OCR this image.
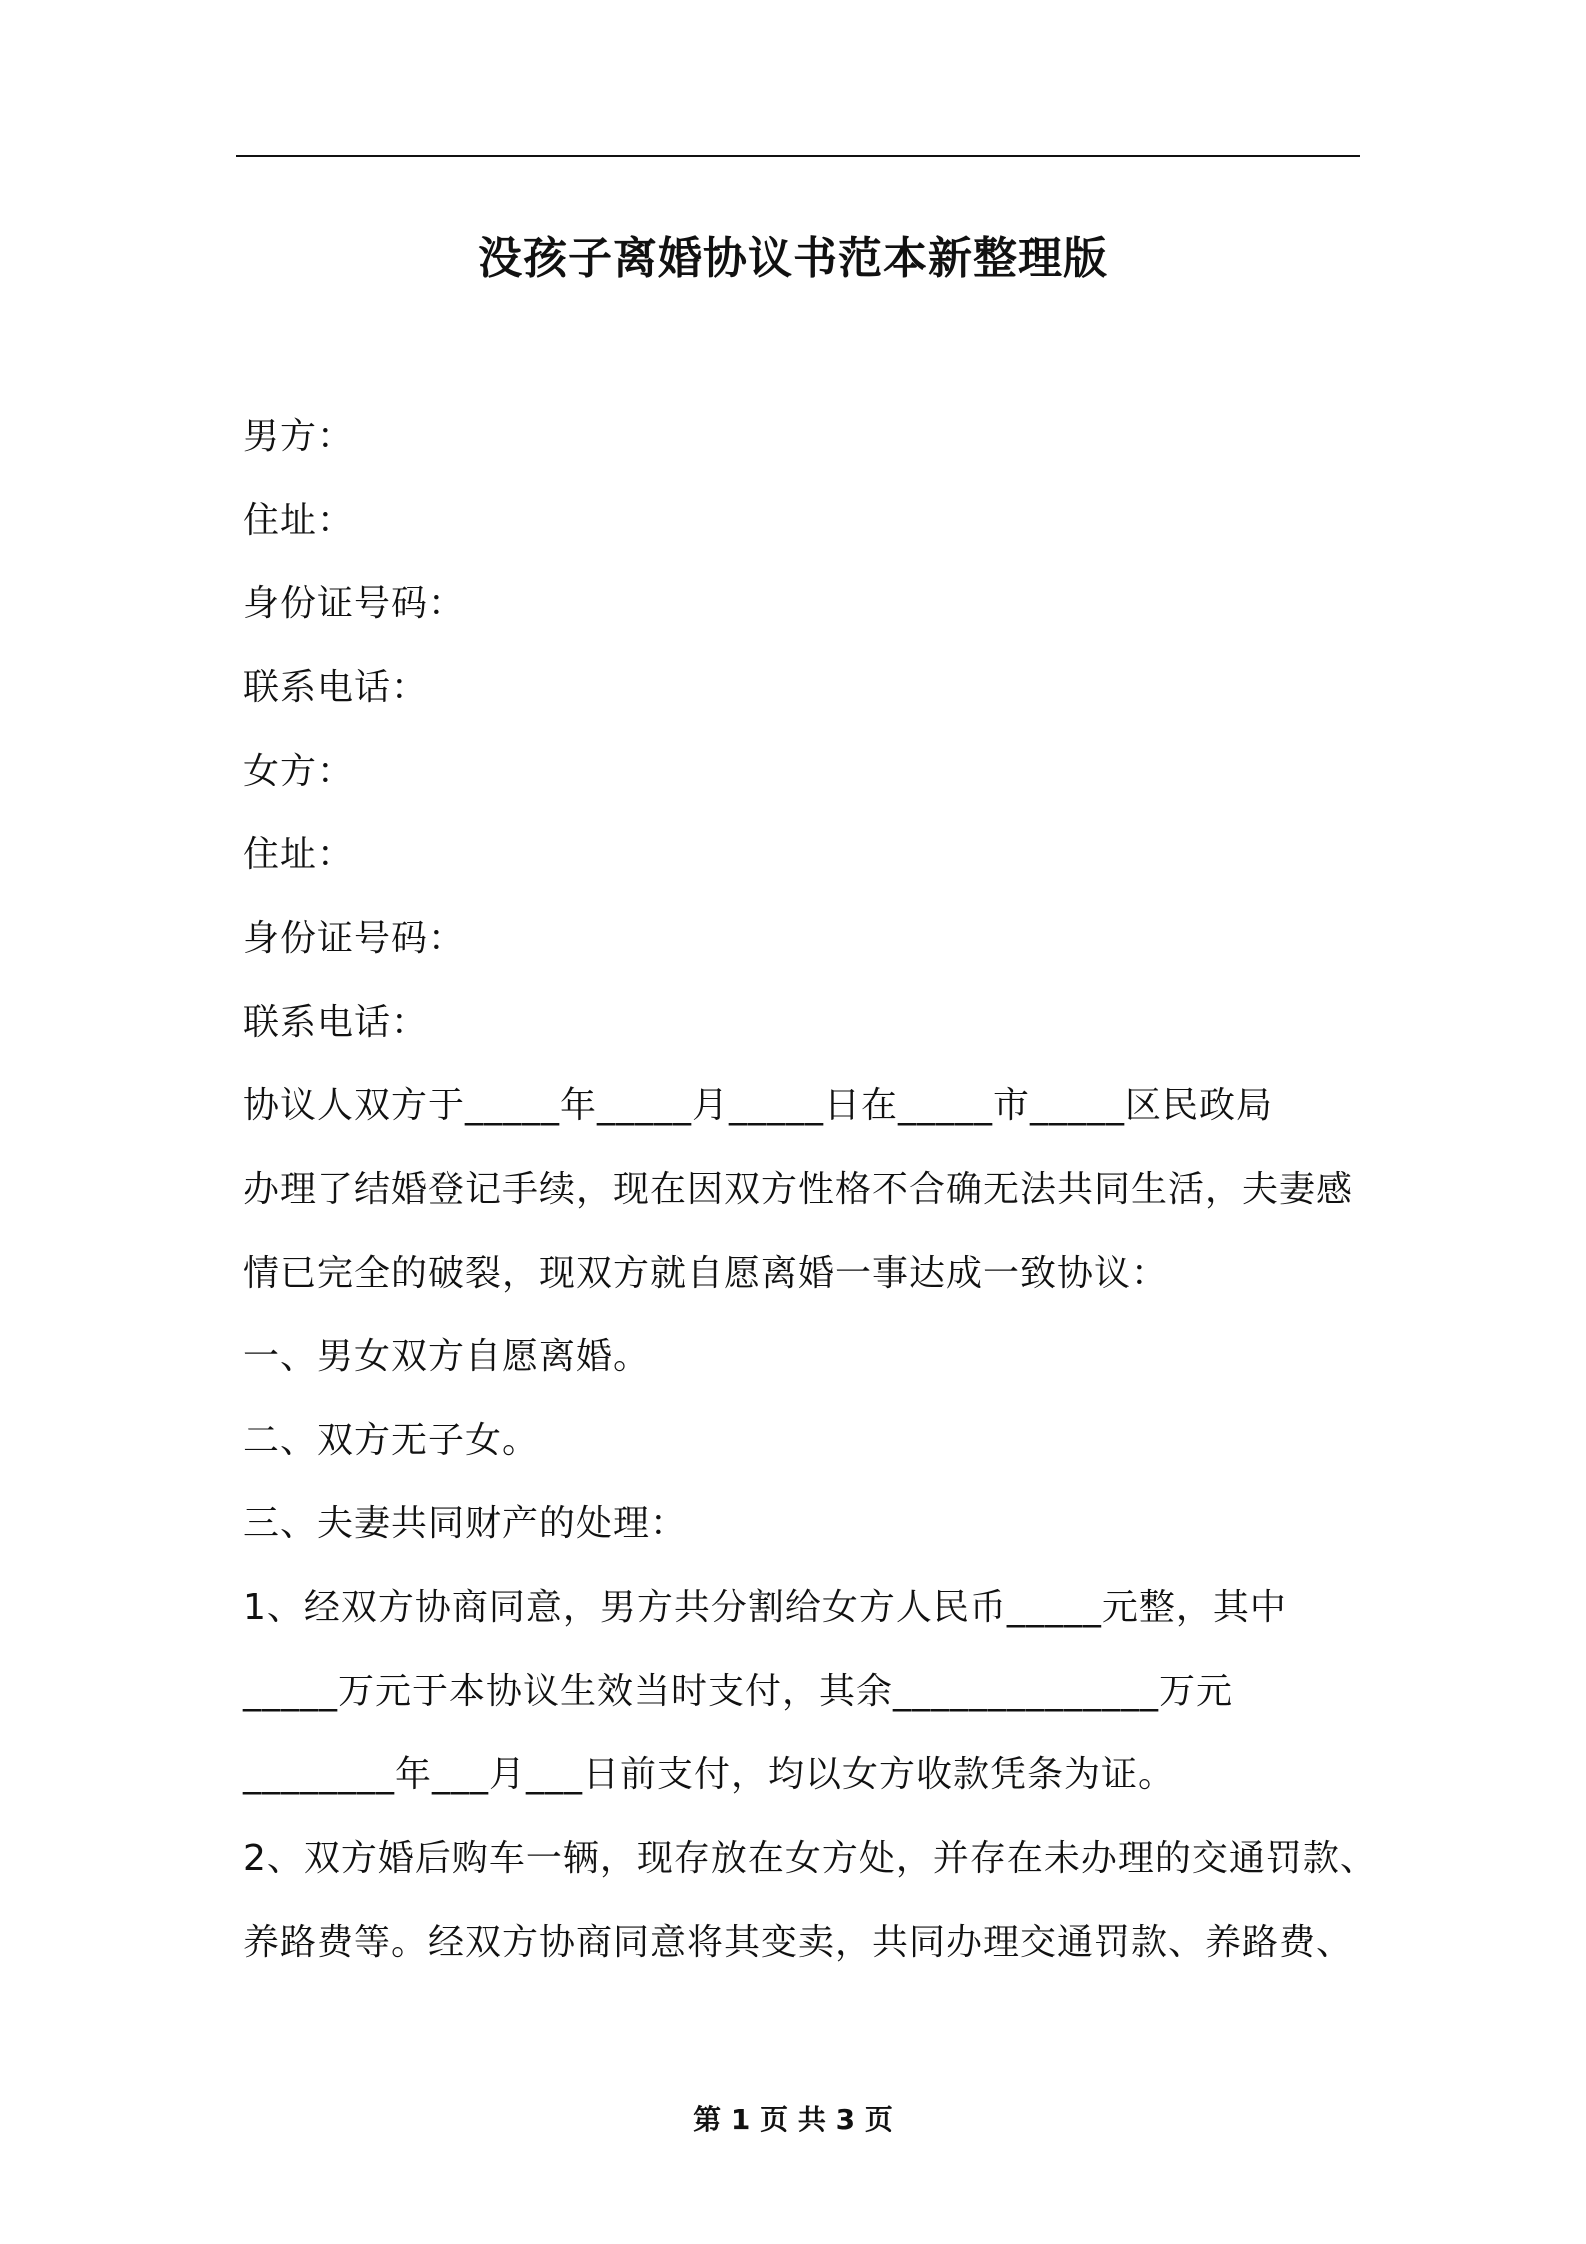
没孩子离婚协议书范本新整理版
男方：
住址：
身份证号码：
联系电话：
女方：
住址：
身份证号码：
联系电话：
协议人双方于_____年_____月_____日在_____市_____区民政局
办理了结婚登记手续，现在因双方性格不合确无法共同生活，夫妻感
情已完全的破裂，现双方就自愿离婚一事达成一致协议：
一、男女双方自愿离婚。
二、双方无子女。
三、夫妻共同财产的处理：
1、经双方协商同意，男方共分割给女方人民币_____元整，其中
_____万元于本协议生效当时支付，其余______________万元
________年___月___日前支付，均以女方收款凭条为证。
2、双方婚后购车一辆，现存放在女方处，并存在未办理的交通罚款、
养路费等。经双方协商同意将其变卖，共同办理交通罚款、养路费、
第 1 页 共 3 页
